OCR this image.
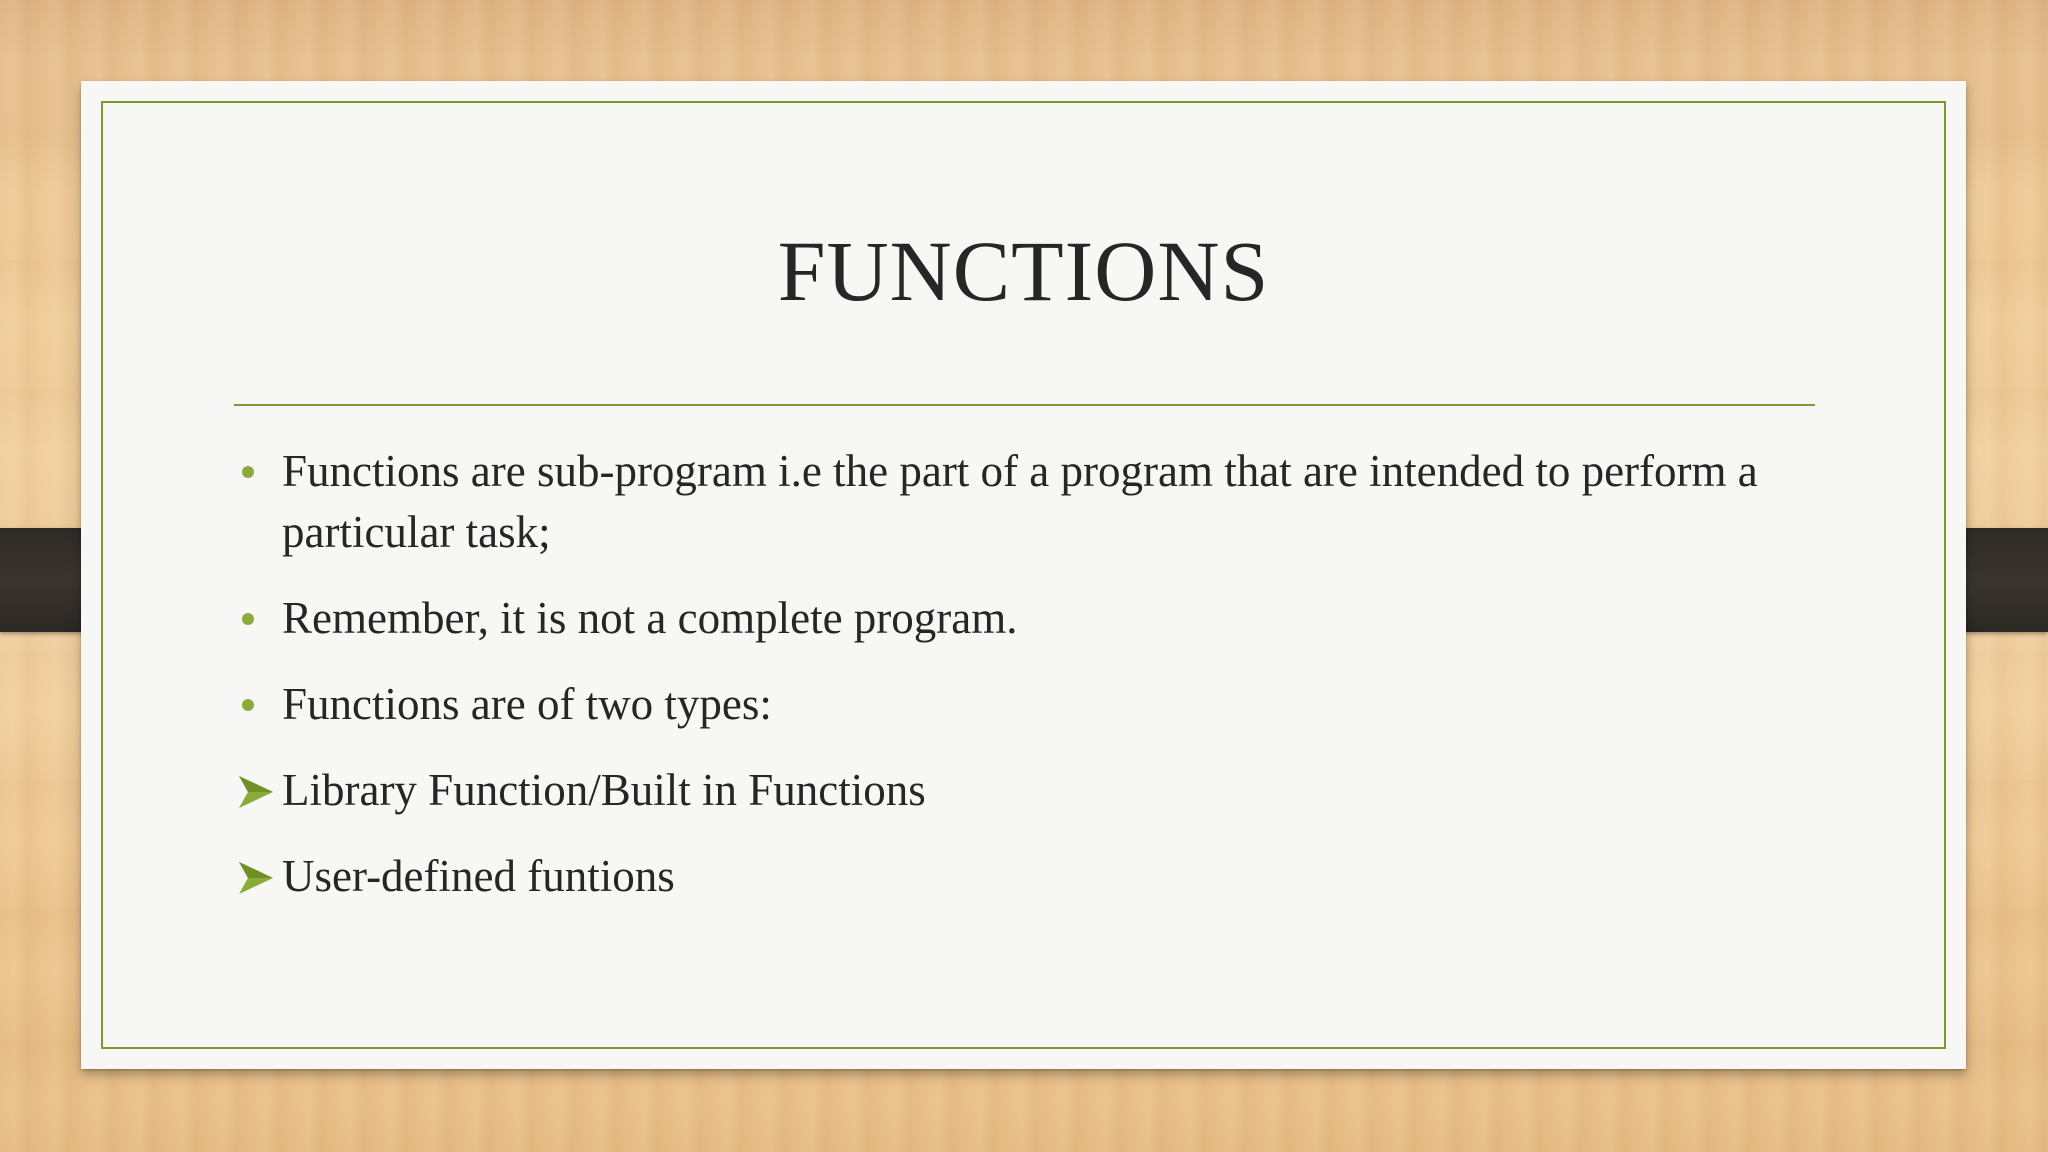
FUNCTIONS
Functions are sub-program i.e the part of a program that are intended to perform a particular task;
Remember, it is not a complete program.
Functions are of two types:
Library Function/Built in Functions
User-defined funtions
